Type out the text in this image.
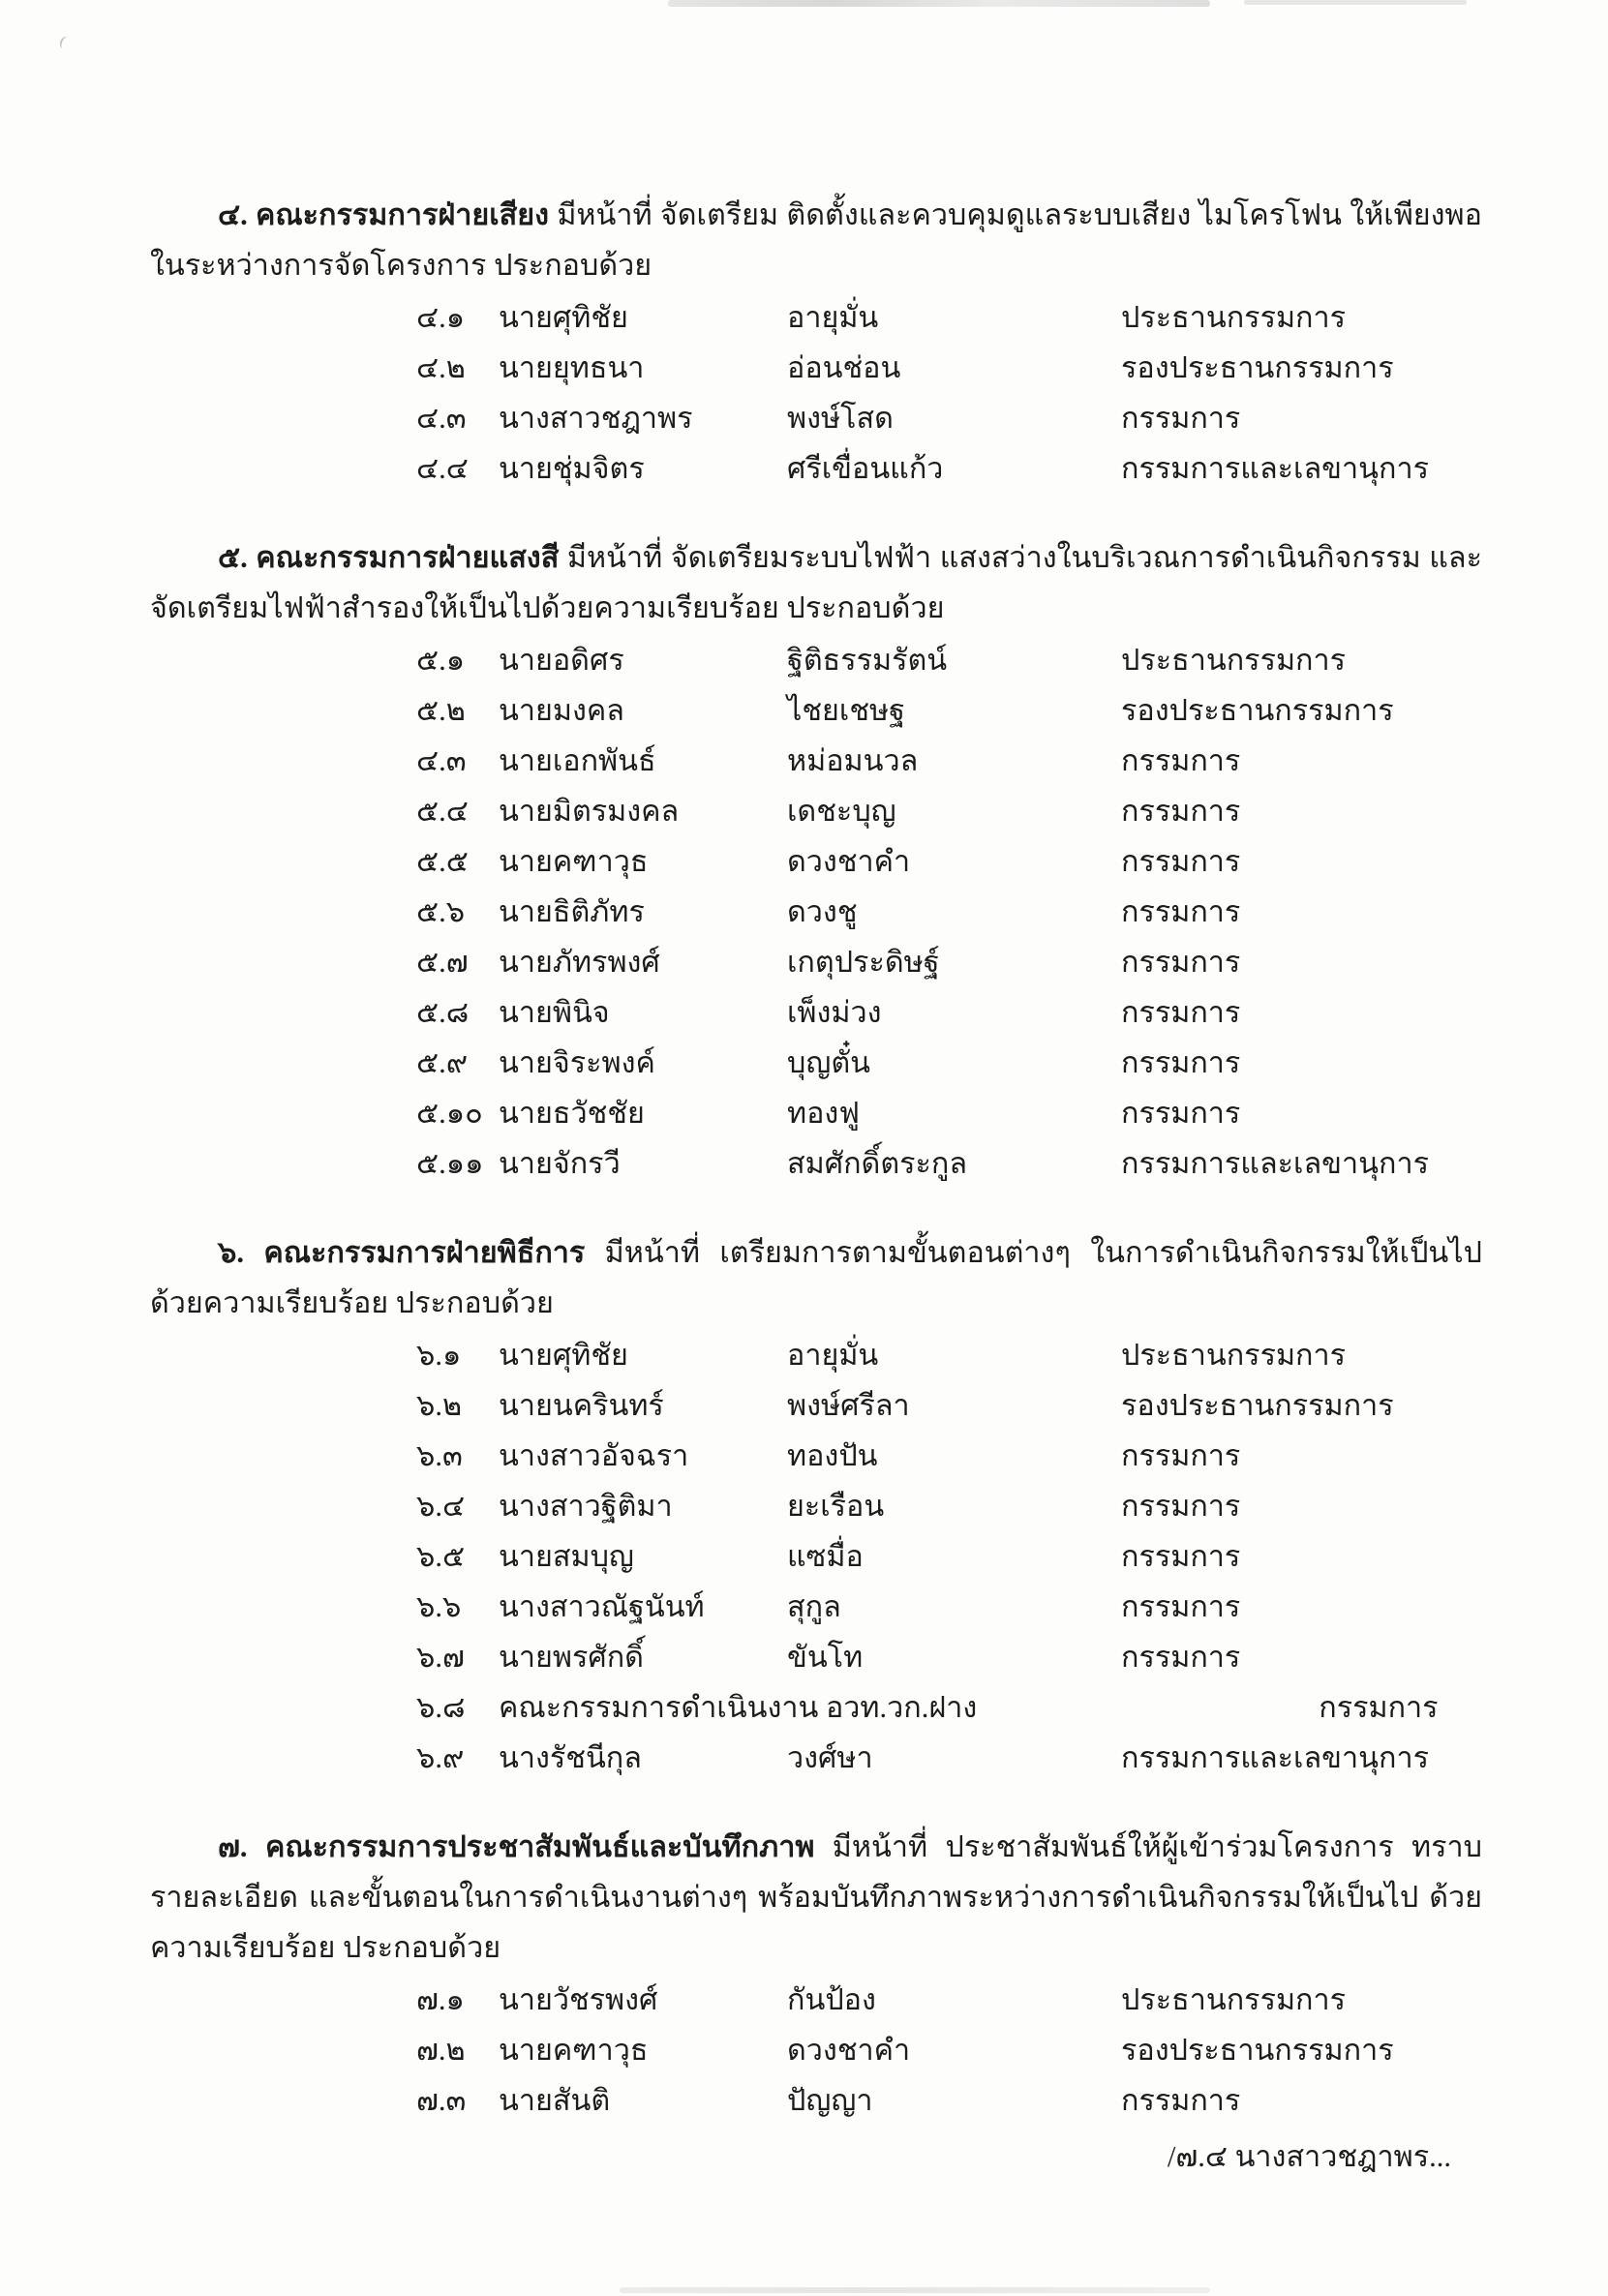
๔. คณะกรรมการฝ่ายเสียง มีหน้าที่ จัดเตรียม ติดตั้งและควบคุมดูแลระบบเสียง ไมโครโฟน ให้เพียงพอในระหว่างการจัดโครงการ ประกอบด้วย

๔.๑	นายศุทิชัย	อายุมั่น	ประธานกรรมการ
๔.๒	นายยุทธนา	อ่อนช่อน	รองประธานกรรมการ
๔.๓	นางสาวชฎาพร	พงษ์โสด	กรรมการ
๔.๔	นายชุ่มจิตร	ศรีเขื่อนแก้ว	กรรมการและเลขานุการ

๕. คณะกรรมการฝ่ายแสงสี มีหน้าที่ จัดเตรียมระบบไฟฟ้า แสงสว่างในบริเวณการดำเนินกิจกรรม และจัดเตรียมไฟฟ้าสำรองให้เป็นไปด้วยความเรียบร้อย ประกอบด้วย

๕.๑	นายอดิศร	ฐิติธรรมรัตน์	ประธานกรรมการ
๕.๒	นายมงคล	ไชยเชษฐ	รองประธานกรรมการ
๔.๓	นายเอกพันธ์	หม่อมนวล	กรรมการ
๕.๔	นายมิตรมงคล	เดชะบุญ	กรรมการ
๕.๕	นายคฑาวุธ	ดวงชาคำ	กรรมการ
๕.๖	นายธิติภัทร	ดวงชู	กรรมการ
๕.๗	นายภัทรพงศ์	เกตุประดิษฐ์	กรรมการ
๕.๘	นายพินิจ	เพ็งม่วง	กรรมการ
๕.๙	นายจิระพงค์	บุญตั๋น	กรรมการ
๕.๑๐ นายธวัชชัย	ทองฟู	กรรมการ
๕.๑๑ นายจักรวี	สมศักดิ์ตระกูล	กรรมการและเลขานุการ

๖. คณะกรรมการฝ่ายพิธีการ มีหน้าที่ เตรียมการตามขั้นตอนต่างๆ ในการดำเนินกิจกรรมให้เป็นไป ด้วยความเรียบร้อย ประกอบด้วย

๖.๑	นายศุทิชัย	อายุมั่น	ประธานกรรมการ
๖.๒	นายนครินทร์	พงษ์ศรีลา	รองประธานกรรมการ
๖.๓	นางสาวอัจฉรา	ทองปัน	กรรมการ
๖.๔	นางสาวฐิติมา	ยะเรือน	กรรมการ
๖.๕	นายสมบุญ	แซมื่อ	กรรมการ
๖.๖	นางสาวณัฐนันท์	สุกูล	กรรมการ
๖.๗	นายพรศักดิ์	ขันโท	กรรมการ
๖.๘	คณะกรรมการดำเนินงาน อวท.วก.ฝาง	กรรมการ
๖.๙	นางรัชนีกุล	วงศ์ษา	กรรมการและเลขานุการ

๗. คณะกรรมการประชาสัมพันธ์และบันทึกภาพ มีหน้าที่ ประชาสัมพันธ์ให้ผู้เข้าร่วมโครงการ ทราบรายละเอียด และขั้นตอนในการดำเนินงานต่างๆ พร้อมบันทึกภาพระหว่างการดำเนินกิจกรรมให้เป็นไป ด้วยความเรียบร้อย ประกอบด้วย

๗.๑	นายวัชรพงศ์	กันป้อง	ประธานกรรมการ
๗.๒	นายคฑาวุธ	ดวงชาคำ	รองประธานกรรมการ
๗.๓	นายสันติ	ปัญญา	กรรมการ

/๗.๔ นางสาวชฎาพร...
